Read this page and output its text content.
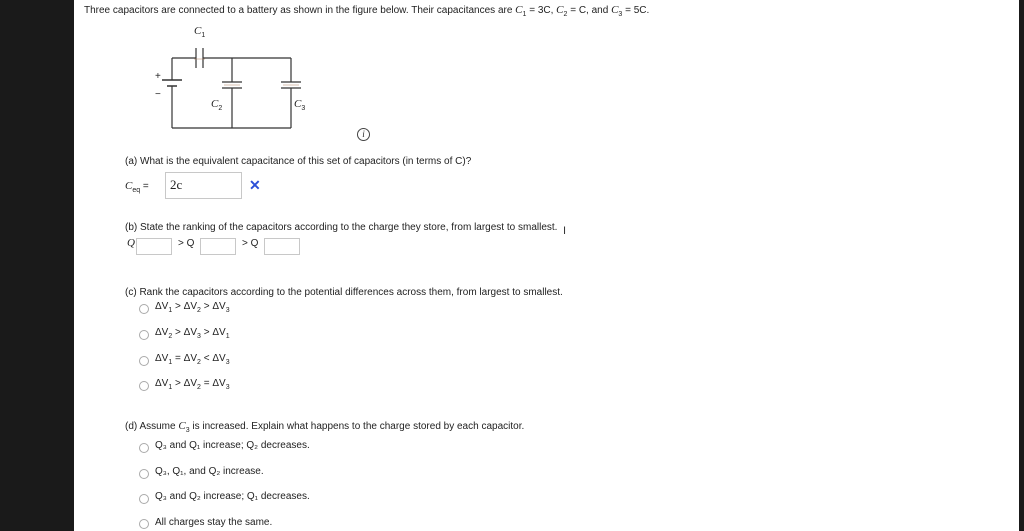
Three capacitors are connected to a battery as shown in the figure below. Their capacitances are $C_1 = 3C$, $C_2 = C$, and $C_3 = 5C$.
$C_1$
$C_2$	$C_3$
+
−
i
(a) What is the equivalent capacitance of this set of capacitors (in terms of C)?
$C_{eq} = 2c$	✕
(b) State the ranking of the capacitors according to the charge they store, from largest to smallest.
Q	> Q	> Q
I
(c) Rank the capacitors according to the potential differences across them, from largest to smallest.
$\Delta V_1 > \Delta V_2 > \Delta V_3$
$\Delta V_2 > \Delta V_3 > \Delta V_1$
$\Delta V_1 = \Delta V_2 < \Delta V_3$
$\Delta V_1 > \Delta V_2 = \Delta V_3$
(d) Assume $C_3$ is increased. Explain what happens to the charge stored by each capacitor.
Q₃ and Q₁ increase; Q₂ decreases.
Q₃, Q₁, and Q₂ increase.
Q₃ and Q₂ increase; Q₁ decreases.
All charges stay the same.
